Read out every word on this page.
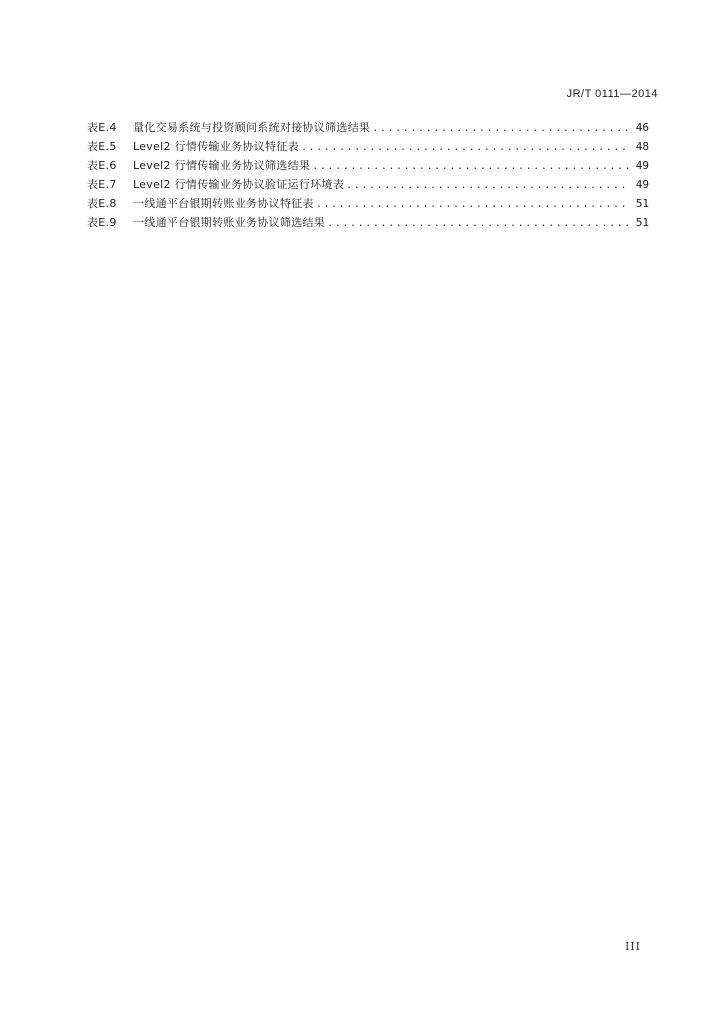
JR/T 0111—2014
表E.4	量化交易系统与投资顾问系统对接协议筛选结果 .....	46
表E.5	Level2 行情传输业务协议特征表 .....	48
表E.6	Level2 行情传输业务协议筛选结果 .....	49
表E.7	Level2 行情传输业务协议验证运行环境表 .....	49
表E.8	一线通平台银期转账业务协议特征表 .....	51
表E.9	一线通平台银期转账业务协议筛选结果 .....	51
III
